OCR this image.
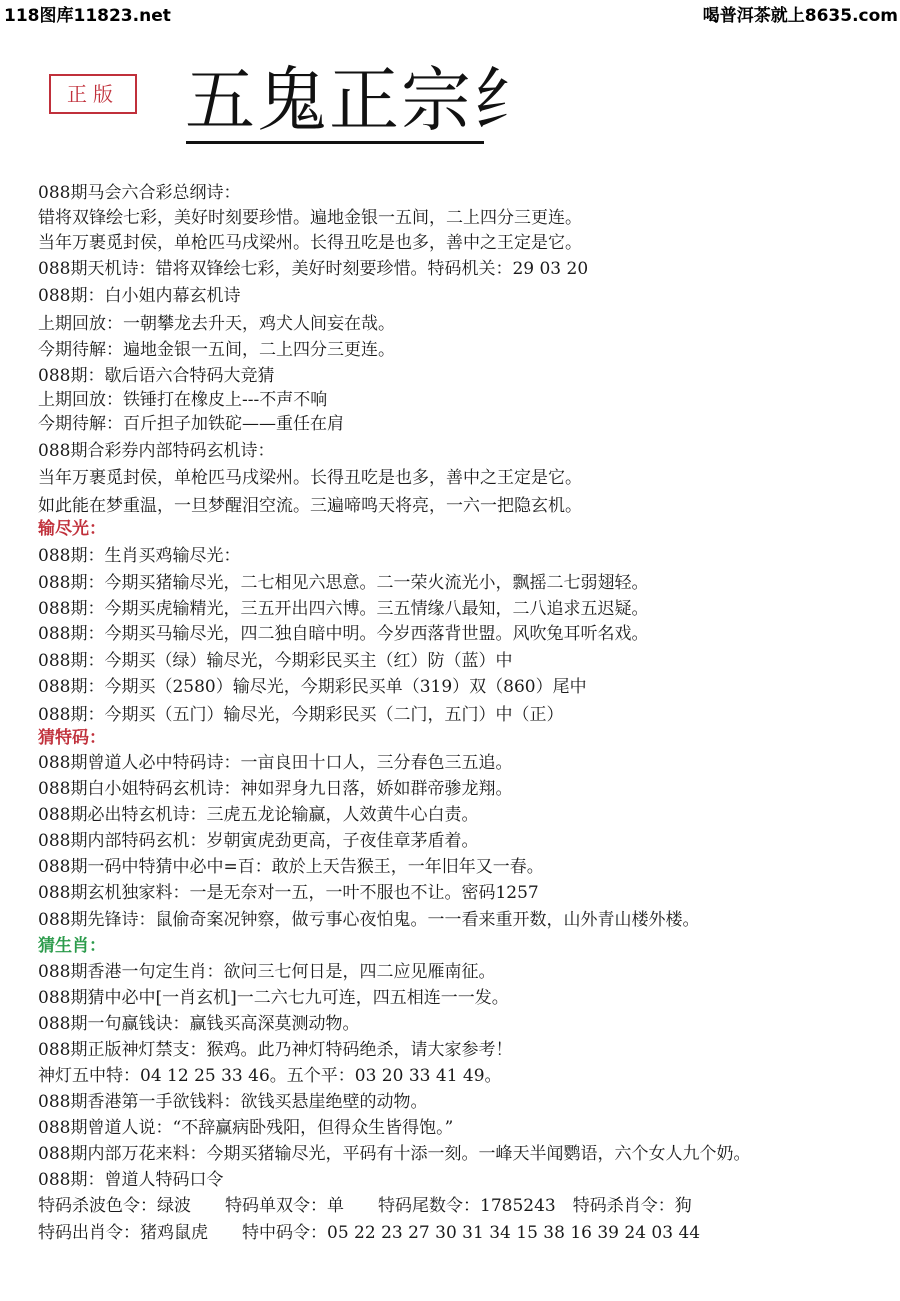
118图库11823.net	喝普洱茶就上8635.com
正版 五鬼正宗纟
088期马会六合彩总纲诗：
错将双锋绘七彩，美好时刻要珍惜。遍地金银一五间，二上四分三更连。
当年万裹觅封侯，单枪匹马戌梁州。长得丑吃是也多，善中之王定是它。
088期天机诗：错将双锋绘七彩，美好时刻要珍惜。特码机关：29 03 20
088期：白小姐内幕玄机诗
上期回放：一朝攀龙去升天，鸡犬人间妄在哉。
今期待解：遍地金银一五间，二上四分三更连。
088期：歇后语六合特码大竞猜
上期回放：铁锤打在橡皮上---不声不响
今期待解：百斤担子加铁砣——重任在肩
088期合彩券内部特码玄机诗：
当年万裹觅封侯，单枪匹马戌梁州。长得丑吃是也多，善中之王定是它。
如此能在梦重温，一旦梦醒泪空流。三遍啼鸣天将亮，一六一把隐玄机。
输尽光：
088期：生肖买鸡输尽光：
088期：今期买猪输尽光，二七相见六思意。二一荣火流光小，飘摇二七弱翅轻。
088期：今期买虎输精光，三五开出四六博。三五情缘八最知，二八追求五迟疑。
088期：今期买马输尽光，四二独自暗中明。今岁西落背世盟。风吹兔耳听名戏。
088期：今期买（绿）输尽光，今期彩民买主（红）防（蓝）中
088期：今期买（2580）输尽光，今期彩民买单（319）双（860）尾中
088期：今期买（五门）输尽光，今期彩民买（二门，五门）中（正）
猜特码：
088期曾道人必中特码诗：一亩良田十口人，三分春色三五追。
088期白小姐特码玄机诗：神如羿身九日落，娇如群帝骖龙翔。
088期必出特玄机诗：三虎五龙论输赢，人效黄牛心白责。
088期内部特码玄机：岁朝寅虎劲更高，子夜佳章茅盾着。
088期一码中特猜中必中=百：敢於上天告猴王，一年旧年又一春。
088期玄机独家料：一是无奈对一五，一叶不服也不让。密码1257
088期先锋诗：鼠偷奇案况钟察，做亏事心夜怕鬼。一一看来重开数，山外青山楼外楼。
猜生肖：
088期香港一句定生肖：欲问三七何日是，四二应见雁南征。
088期猜中必中[一肖玄机]一二六七九可连，四五相连一一发。
088期一句赢钱诀：赢钱买高深莫测动物。
088期正版神灯禁支：猴鸡。此乃神灯特码绝杀，请大家参考！
神灯五中特：04 12 25 33 46。五个平：03 20 33 41 49。
088期香港第一手欲钱料：欲钱买悬崖绝壁的动物。
088期曾道人说：“不辞赢病卧残阳，但得众生皆得饱。”
088期内部万花来料：今期买猪输尽光，平码有十添一刻。一峰天半闻鹦语，六个女人九个奶。
088期：曾道人特码口令
特码杀波色令：绿波　　特码单双令：单　　特码尾数令：1785243　特码杀肖令：狗
特码出肖令：猪鸡鼠虎　　特中码令：05 22 23 27 30 31 34 15 38 16 39 24 03 44
